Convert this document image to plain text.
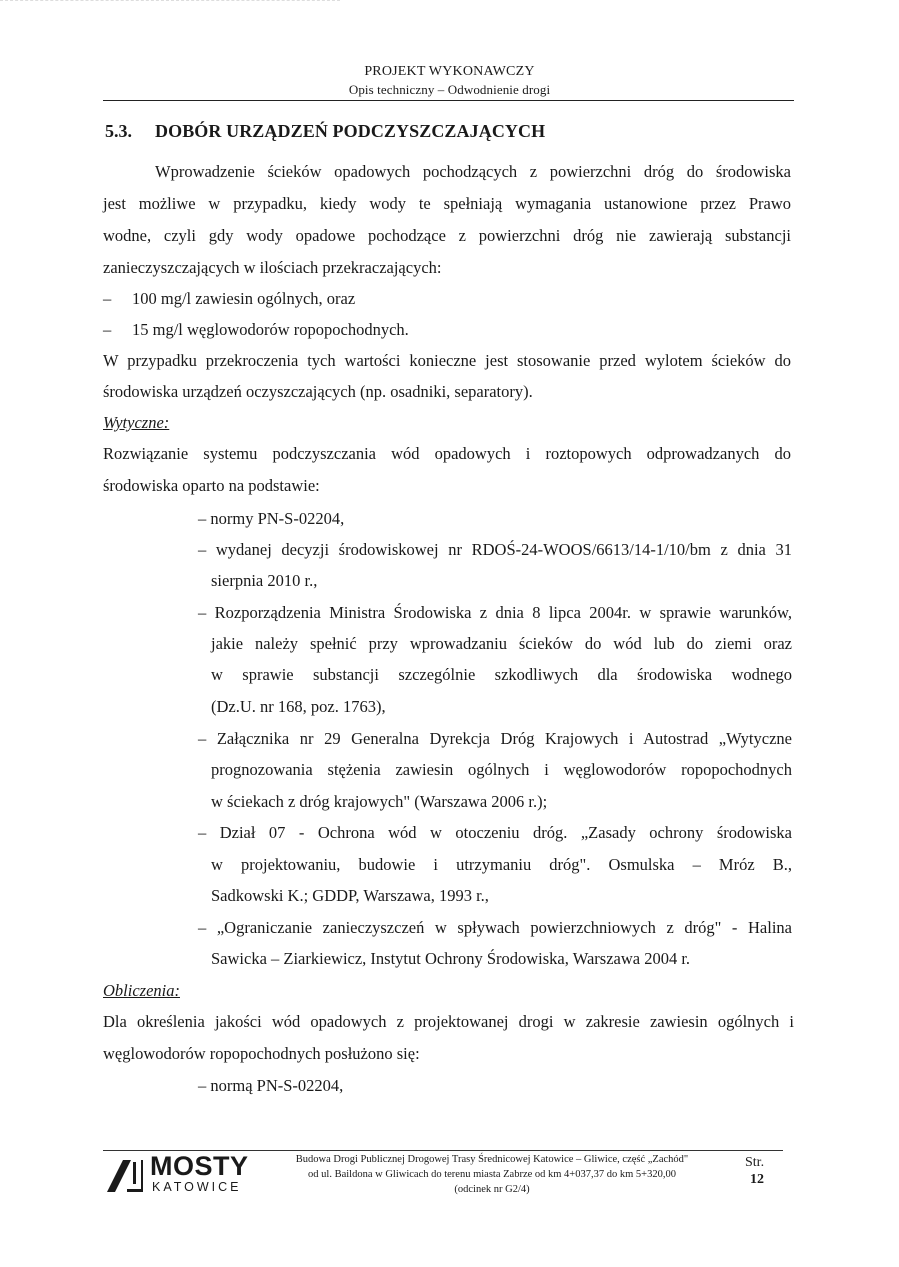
PROJEKT WYKONAWCZY
Opis techniczny – Odwodnienie drogi
5.3. DOBÓR URZĄDZEŃ PODCZYSZCZAJĄCYCH
Wprowadzenie ścieków opadowych pochodzących z powierzchni dróg do środowiska
jest możliwe w przypadku, kiedy wody te spełniają wymagania ustanowione przez Prawo
wodne, czyli gdy wody opadowe pochodzące z powierzchni dróg nie zawierają substancji
zanieczyszczających w ilościach przekraczających:
– 100 mg/l zawiesin ogólnych, oraz
– 15 mg/l węglowodorów ropopochodnych.
W przypadku przekroczenia tych wartości konieczne jest stosowanie przed wylotem ścieków do
środowiska urządzeń oczyszczających (np. osadniki, separatory).
Wytyczne:
Rozwiązanie systemu podczyszczania wód opadowych i roztopowych odprowadzanych do
środowiska oparto na podstawie:
– normy PN-S-02204,
– wydanej decyzji środowiskowej nr RDOŚ-24-WOOS/6613/14-1/10/bm z dnia 31
sierpnia 2010 r.,
– Rozporządzenia Ministra Środowiska z dnia 8 lipca 2004r. w sprawie warunków,
jakie należy spełnić przy wprowadzaniu ścieków do wód lub do ziemi oraz
w sprawie substancji szczególnie szkodliwych dla środowiska wodnego
(Dz.U. nr 168, poz. 1763),
– Załącznika nr 29 Generalna Dyrekcja Dróg Krajowych i Autostrad „Wytyczne
prognozowania stężenia zawiesin ogólnych i węglowodorów ropopochodnych
w ściekach z dróg krajowych" (Warszawa 2006 r.);
– Dział 07 - Ochrona wód w otoczeniu dróg. „Zasady ochrony środowiska
w projektowaniu, budowie i utrzymaniu dróg". Osmulska – Mróz B.,
Sadkowski K.; GDDP, Warszawa, 1993 r.,
– „Ograniczanie zanieczyszczeń w spływach powierzchniowych z dróg" - Halina
Sawicka – Ziarkiewicz, Instytut Ochrony Środowiska, Warszawa 2004 r.
Obliczenia:
Dla określenia jakości wód opadowych z projektowanej drogi w zakresie zawiesin ogólnych i
węglowodorów ropopochodnych posłużono się:
– normą PN-S-02204,
MOSTY
KATOWICE
Budowa Drogi Publicznej Drogowej Trasy Średnicowej Katowice – Gliwice, część „Zachód"
od ul. Baildona w Gliwicach do terenu miasta Zabrze od km 4+037,37 do km 5+320,00
(odcinek nr G2/4)
Str.
12
